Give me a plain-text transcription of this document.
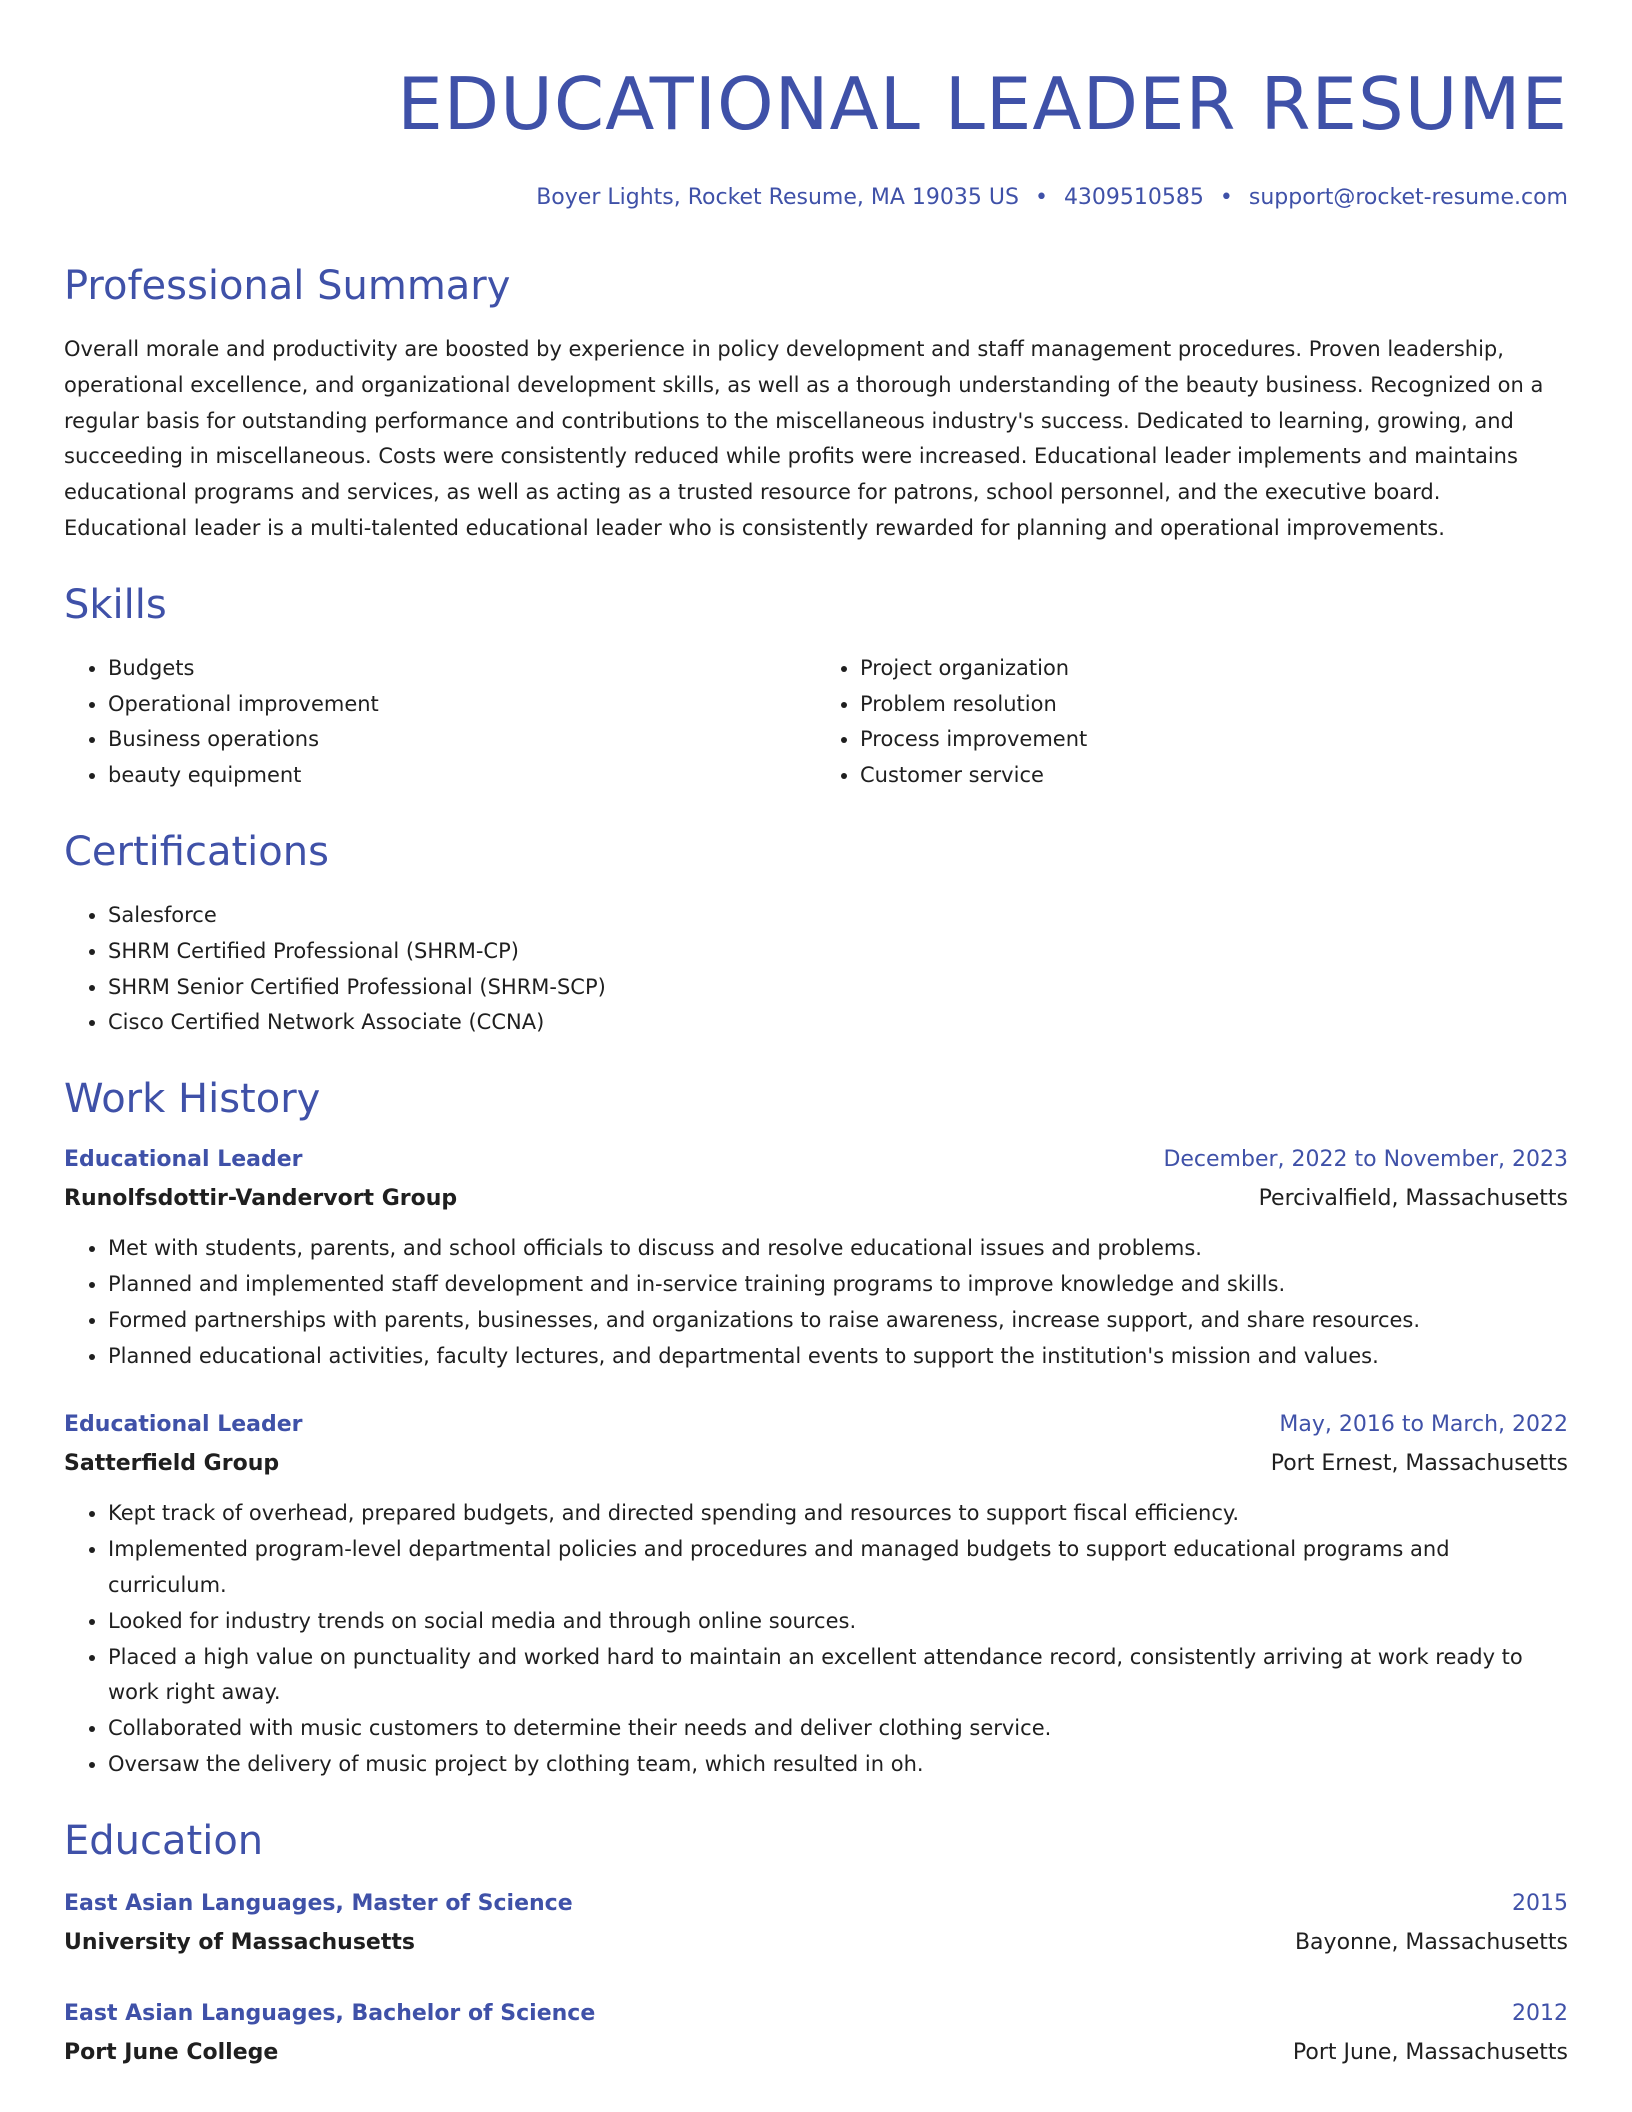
EDUCATIONAL LEADER RESUME
Boyer Lights, Rocket Resume, MA 19035 US • 4309510585 • support@rocket-resume.com
Professional Summary

Overall morale and productivity are boosted by experience in policy development and staff management procedures. Proven leadership, operational excellence, and organizational development skills, as well as a thorough understanding of the beauty business. Recognized on a regular basis for outstanding performance and contributions to the miscellaneous industry's success. Dedicated to learning, growing, and succeeding in miscellaneous. Costs were consistently reduced while profits were increased. Educational leader implements and maintains educational programs and services, as well as acting as a trusted resource for patrons, school personnel, and the executive board. Educational leader is a multi-talented educational leader who is consistently rewarded for planning and operational improvements.

Skills
• Budgets
• Operational improvement
• Business operations
• beauty equipment
• Project organization
• Problem resolution
• Process improvement
• Customer service
Certifications
• Salesforce
• SHRM Certified Professional (SHRM-CP)
• SHRM Senior Certified Professional (SHRM-SCP)
• Cisco Certified Network Associate (CCNA)
Work History
Educational Leader	December, 2022 to November, 2023
Runolfsdottir-Vandervort Group	Percivalfield, Massachusetts
• Met with students, parents, and school officials to discuss and resolve educational issues and problems.
• Planned and implemented staff development and in-service training programs to improve knowledge and skills.
• Formed partnerships with parents, businesses, and organizations to raise awareness, increase support, and share resources.
• Planned educational activities, faculty lectures, and departmental events to support the institution's mission and values.
Educational Leader	May, 2016 to March, 2022
Satterfield Group	Port Ernest, Massachusetts
• Kept track of overhead, prepared budgets, and directed spending and resources to support fiscal efficiency.
• Implemented program-level departmental policies and procedures and managed budgets to support educational programs and curriculum.
• Looked for industry trends on social media and through online sources.
• Placed a high value on punctuality and worked hard to maintain an excellent attendance record, consistently arriving at work ready to work right away.
• Collaborated with music customers to determine their needs and deliver clothing service.
• Oversaw the delivery of music project by clothing team, which resulted in oh.
Education
East Asian Languages, Master of Science	2015
University of Massachusetts	Bayonne, Massachusetts
East Asian Languages, Bachelor of Science	2012
Port June College	Port June, Massachusetts
